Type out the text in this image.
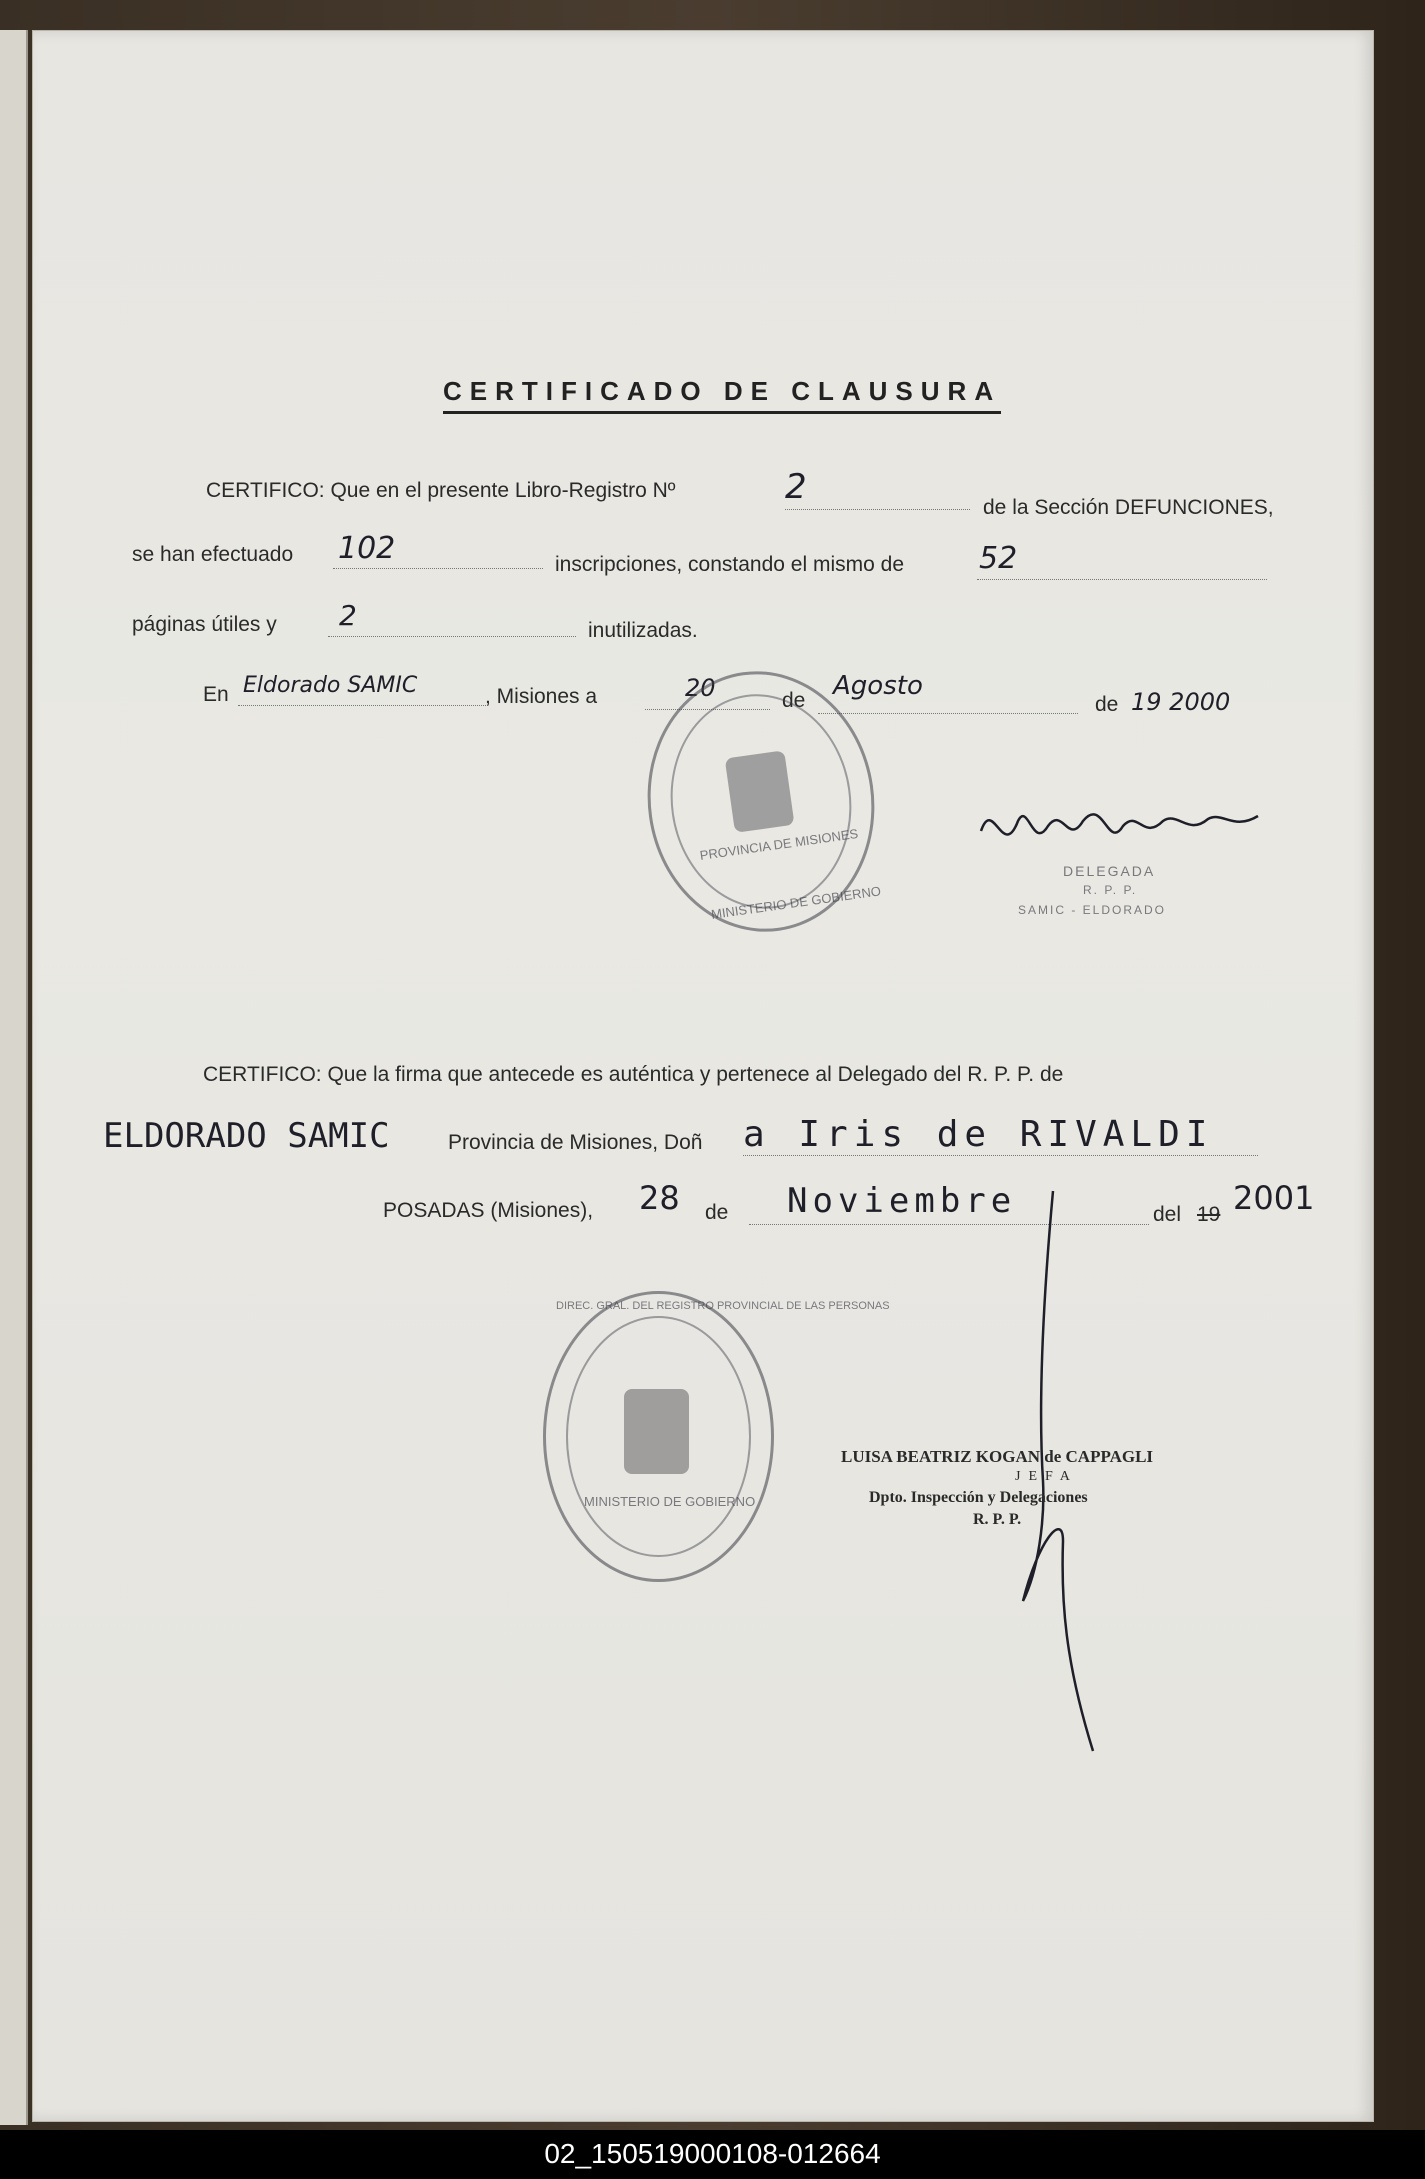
CERTIFICADO DE CLAUSURA
CERTIFICO: Que en el presente Libro-Registro Nº	2
de la Sección DEFUNCIONES,
se han efectuado 102	inscripciones, constando el mismo de 52
páginas útiles y 2	inutilizadas.
En Eldorado SAMIC	, Misiones a	20	de Agosto
de 19 2000
PROVINCIA DE MISIONES
MINISTERIO DE GOBIERNO
DELEGADA
R. P. P.
SAMIC - ELDORADO
CERTIFICO: Que la firma que antecede es auténtica y pertenece al Delegado del R. P. P. de
ELDORADO SAMIC	Provincia de Misiones, Doñ a Iris de RIVALDI
POSADAS (Misiones), 28 de Noviembre	del 19 2001
DIREC. GRAL. DEL REGISTRO PROVINCIAL DE LAS PERSONAS
MINISTERIO DE GOBIERNO
LUISA BEATRIZ KOGAN de CAPPAGLI
JEFA
Dpto. Inspección y Delegaciones
R. P. P.
02_150519000108-012664
